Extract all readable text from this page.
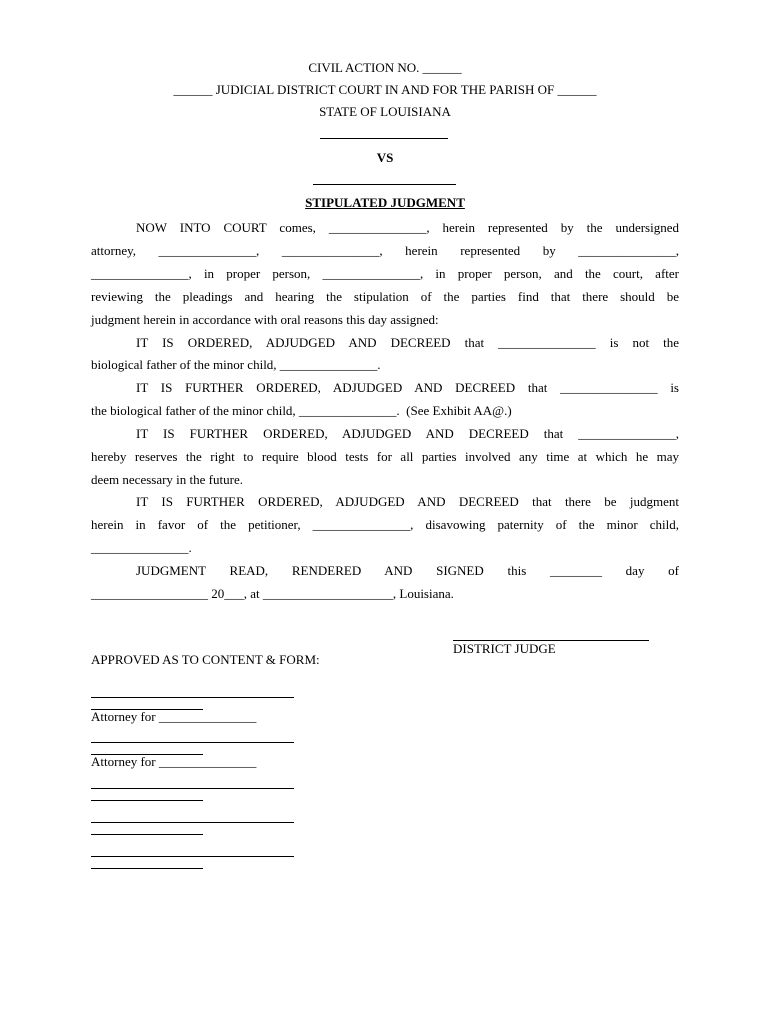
CIVIL ACTION NO. ______
______ JUDICIAL DISTRICT COURT IN AND FOR THE PARISH OF ______
STATE OF LOUISIANA
VS
STIPULATED JUDGMENT
NOW INTO COURT comes, _______________, herein represented by the undersigned
attorney, _______________, _______________, herein represented by _______________,
_______________, in proper person, _______________, in proper person, and the court, after
reviewing the pleadings and hearing the stipulation of the parties find that there should be
judgment herein in accordance with oral reasons this day assigned:
IT IS ORDERED, ADJUDGED AND DECREED that _______________ is not the
biological father of the minor child, _______________.
IT IS FURTHER ORDERED, ADJUDGED AND DECREED that _______________ is
the biological father of the minor child, _______________.  (See Exhibit AA@.)
IT IS FURTHER ORDERED, ADJUDGED AND DECREED that _______________,
hereby reserves the right to require blood tests for all parties involved any time at which he may
deem necessary in the future.
IT IS FURTHER ORDERED, ADJUDGED AND DECREED that there be judgment
herein in favor of the petitioner, _______________, disavowing paternity of the minor child,
_______________.
JUDGMENT READ, RENDERED AND SIGNED this ________ day of
__________________ 20___, at ____________________, Louisiana.
DISTRICT JUDGE
APPROVED AS TO CONTENT & FORM:
Attorney for _______________
Attorney for _______________
